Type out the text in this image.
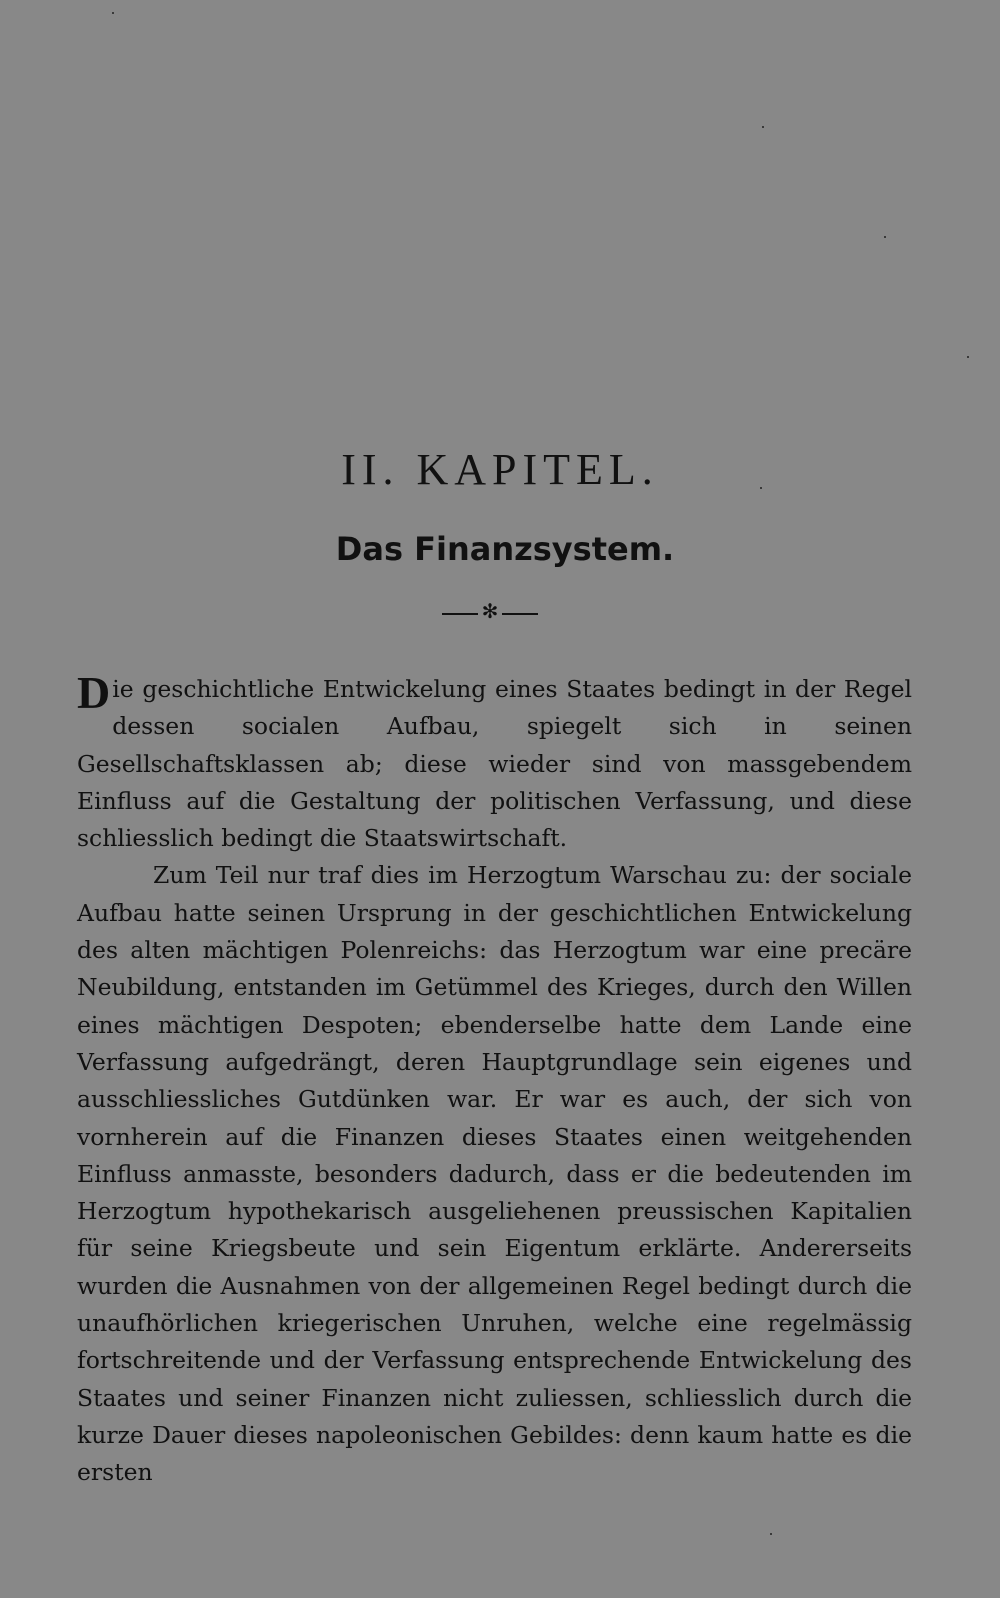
II. KAPITEL.
Das Finanzsystem.
✻

Die geschichtliche Entwickelung eines Staates bedingt in der Regel dessen socialen Aufbau, spiegelt sich in seinen Gesellschaftsklassen ab; diese wieder sind von massgebendem Einfluss auf die Gestaltung der politischen Verfassung, und diese schliesslich bedingt die Staatswirtschaft.

Zum Teil nur traf dies im Herzogtum Warschau zu: der sociale Aufbau hatte seinen Ursprung in der geschichtlichen Entwickelung des alten mächtigen Polenreichs: das Herzogtum war eine precäre Neubildung, entstanden im Getümmel des Krieges, durch den Willen eines mächtigen Despoten; ebenderselbe hatte dem Lande eine Verfassung aufgedrängt, deren Hauptgrundlage sein eigenes und ausschliessliches Gutdünken war. Er war es auch, der sich von vornherein auf die Finanzen dieses Staates einen weitgehenden Einfluss anmasste, besonders dadurch, dass er die bedeutenden im Herzogtum hypothekarisch ausgeliehenen preussischen Kapitalien für seine Kriegsbeute und sein Eigentum erklärte. Andererseits wurden die Ausnahmen von der allgemeinen Regel bedingt durch die unaufhörlichen kriegerischen Unruhen, welche eine regelmässig fortschreitende und der Verfassung entsprechende Entwickelung des Staates und seiner Finanzen nicht zuliessen, schliesslich durch die kurze Dauer dieses napoleonischen Gebildes: denn kaum hatte es die ersten
